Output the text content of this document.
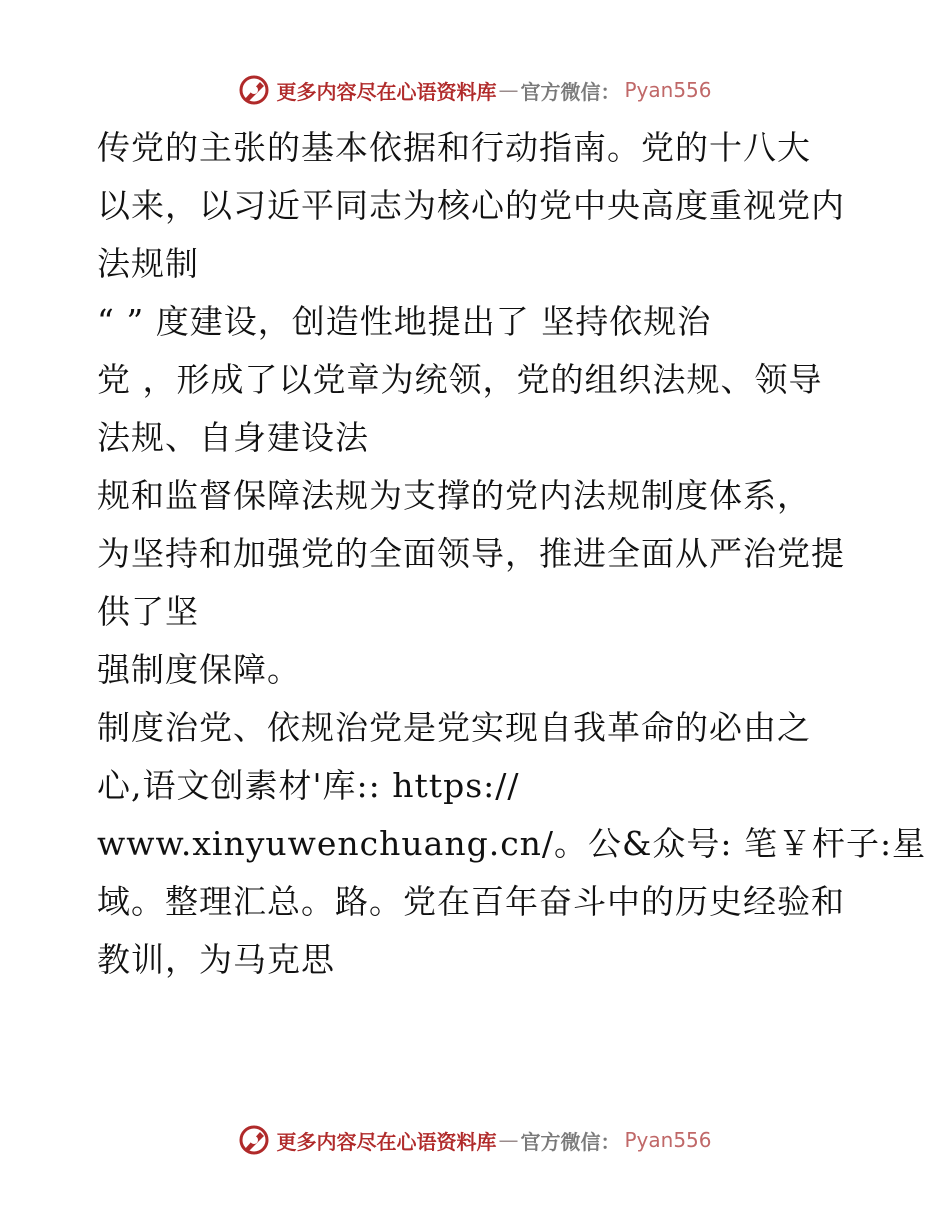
更多内容尽在心语资料库 — 官方微信： Pyan556
传党的主张的基本依据和行动指南。党的十八大
以来，以习近平同志为核心的党中央高度重视党内
法规制
“ ” 度建设，创造性地提出了 坚持依规治
党 ，形成了以党章为统领，党的组织法规、领导
法规、自身建设法
规和监督保障法规为支撑的党内法规制度体系，
为坚持和加强党的全面领导，推进全面从严治党提
供了坚
强制度保障。
制度治党、依规治党是党实现自我革命的必由之
心,语文创素材'库:: https://
www.xinyuwenchuang.cn/。公&众号: 笔￥杆子:星
域。整理汇总。路。党在百年奋斗中的历史经验和
教训，为马克思
更多内容尽在心语资料库 — 官方微信： Pyan556
